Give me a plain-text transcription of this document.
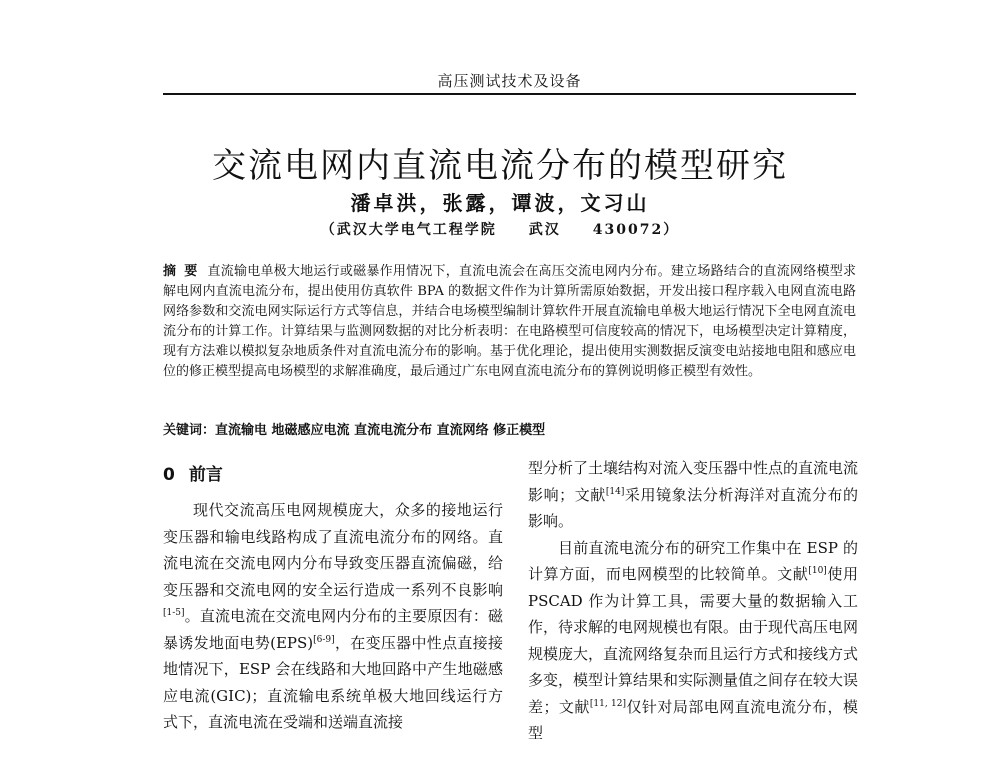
高压测试技术及设备
交流电网内直流电流分布的模型研究
潘卓洪，张露，谭波，文习山
（武汉大学电气工程学院　　武汉　　430072）
摘要 直流输电单极大地运行或磁暴作用情况下，直流电流会在高压交流电网内分布。建立场路结合的直流网络模型求解电网内直流电流分布，提出使用仿真软件 BPA 的数据文件作为计算所需原始数据，开发出接口程序载入电网直流电路网络参数和交流电网实际运行方式等信息，并结合电场模型编制计算软件开展直流输电单极大地运行情况下全电网直流电流分布的计算工作。计算结果与监测网数据的对比分析表明：在电路模型可信度较高的情况下，电场模型决定计算精度，现有方法难以模拟复杂地质条件对直流电流分布的影响。基于优化理论，提出使用实测数据反演变电站接地电阻和感应电位的修正模型提高电场模型的求解准确度，最后通过广东电网直流电流分布的算例说明修正模型有效性。
关键词：直流输电 地磁感应电流 直流电流分布 直流网络 修正模型
0 前言

现代交流高压电网规模庞大，众多的接地运行变压器和输电线路构成了直流电流分布的网络。直流电流在交流电网内分布导致变压器直流偏磁，给变压器和交流电网的安全运行造成一系列不良影响[1-5]。直流电流在交流电网内分布的主要原因有：磁暴诱发地面电势(EPS)[6-9]，在变压器中性点直接接地情况下，ESP 会在线路和大地回路中产生地磁感应电流(GIC)；直流输电系统单极大地回线运行方式下，直流电流在受端和送端直流接

型分析了土壤结构对流入变压器中性点的直流电流影响；文献[14]采用镜象法分析海洋对直流分布的影响。

目前直流电流分布的研究工作集中在 ESP 的计算方面，而电网模型的比较简单。文献[10]使用 PSCAD 作为计算工具，需要大量的数据输入工作，待求解的电网规模也有限。由于现代高压电网规模庞大，直流网络复杂而且运行方式和接线方式多变，模型计算结果和实际测量值之间存在较大误差；文献[11, 12]仅针对局部电网直流电流分布，模型
